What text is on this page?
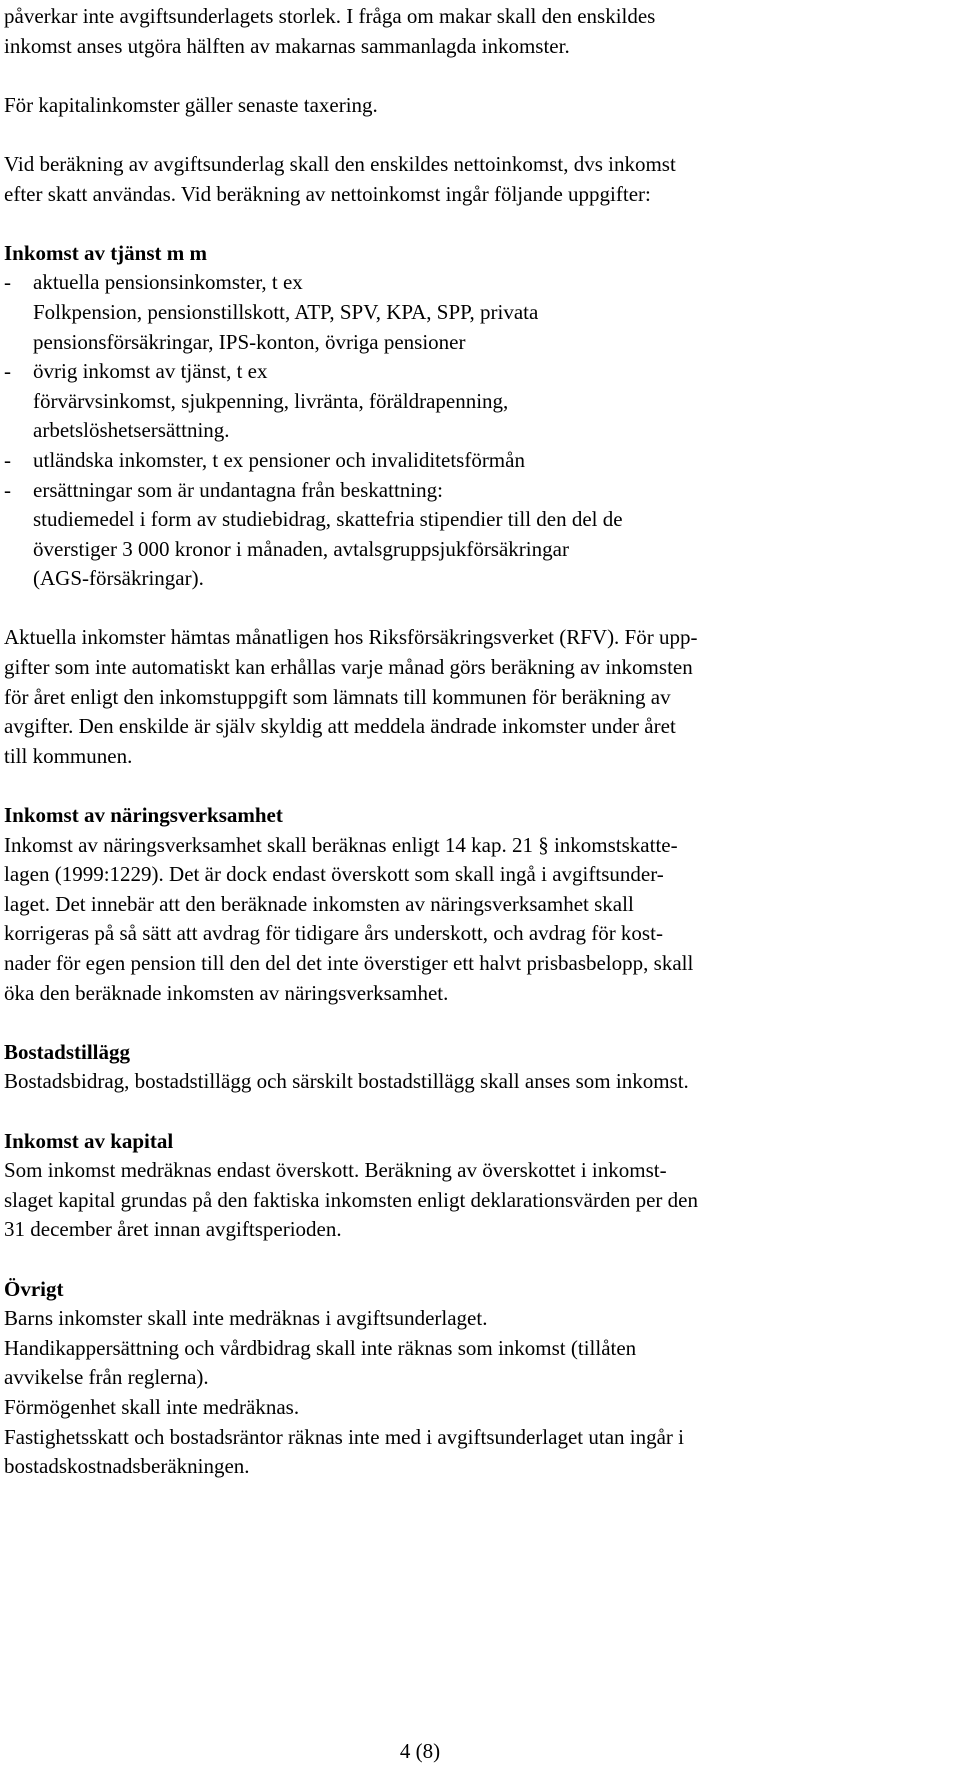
påverkar inte avgiftsunderlagets storlek. I fråga om makar skall den enskildes
inkomst anses utgöra hälften av makarnas sammanlagda inkomster.
För kapitalinkomster gäller senaste taxering.
Vid beräkning av avgiftsunderlag skall den enskildes nettoinkomst, dvs inkomst
efter skatt användas. Vid beräkning av nettoinkomst ingår följande uppgifter:
Inkomst av tjänst m m
- aktuella pensionsinkomster, t ex
Folkpension, pensionstillskott, ATP, SPV, KPA, SPP, privata
pensionsförsäkringar, IPS-konton, övriga pensioner
- övrig inkomst av tjänst, t ex
förvärvsinkomst, sjukpenning, livränta, föräldrapenning,
arbetslöshetsersättning.
- utländska inkomster, t ex pensioner och invaliditetsförmån
- ersättningar som är undantagna från beskattning:
studiemedel i form av studiebidrag, skattefria stipendier till den del de
överstiger 3 000 kronor i månaden, avtalsgruppsjukförsäkringar
(AGS-försäkringar).
Aktuella inkomster hämtas månatligen hos Riksförsäkringsverket (RFV). För upp-
gifter som inte automatiskt kan erhållas varje månad görs beräkning av inkomsten
för året enligt den inkomstuppgift som lämnats till kommunen för beräkning av
avgifter. Den enskilde är själv skyldig att meddela ändrade inkomster under året
till kommunen.
Inkomst av näringsverksamhet
Inkomst av näringsverksamhet skall beräknas enligt 14 kap. 21 § inkomstskatte-
lagen (1999:1229). Det är dock endast överskott som skall ingå i avgiftsunder-
laget. Det innebär att den beräknade inkomsten av näringsverksamhet skall
korrigeras på så sätt att avdrag för tidigare års underskott, och avdrag för kost-
nader för egen pension till den del det inte överstiger ett halvt prisbasbelopp, skall
öka den beräknade inkomsten av näringsverksamhet.
Bostadstillägg
Bostadsbidrag, bostadstillägg och särskilt bostadstillägg skall anses som inkomst.
Inkomst av kapital
Som inkomst medräknas endast överskott. Beräkning av överskottet i inkomst-
slaget kapital grundas på den faktiska inkomsten enligt deklarationsvärden per den
31 december året innan avgiftsperioden.
Övrigt
Barns inkomster skall inte medräknas i avgiftsunderlaget.
Handikappersättning och vårdbidrag skall inte räknas som inkomst (tillåten
avvikelse från reglerna).
Förmögenhet skall inte medräknas.
Fastighetsskatt och bostadsräntor räknas inte med i avgiftsunderlaget utan ingår i
bostadskostnadsberäkningen.
4 (8)
